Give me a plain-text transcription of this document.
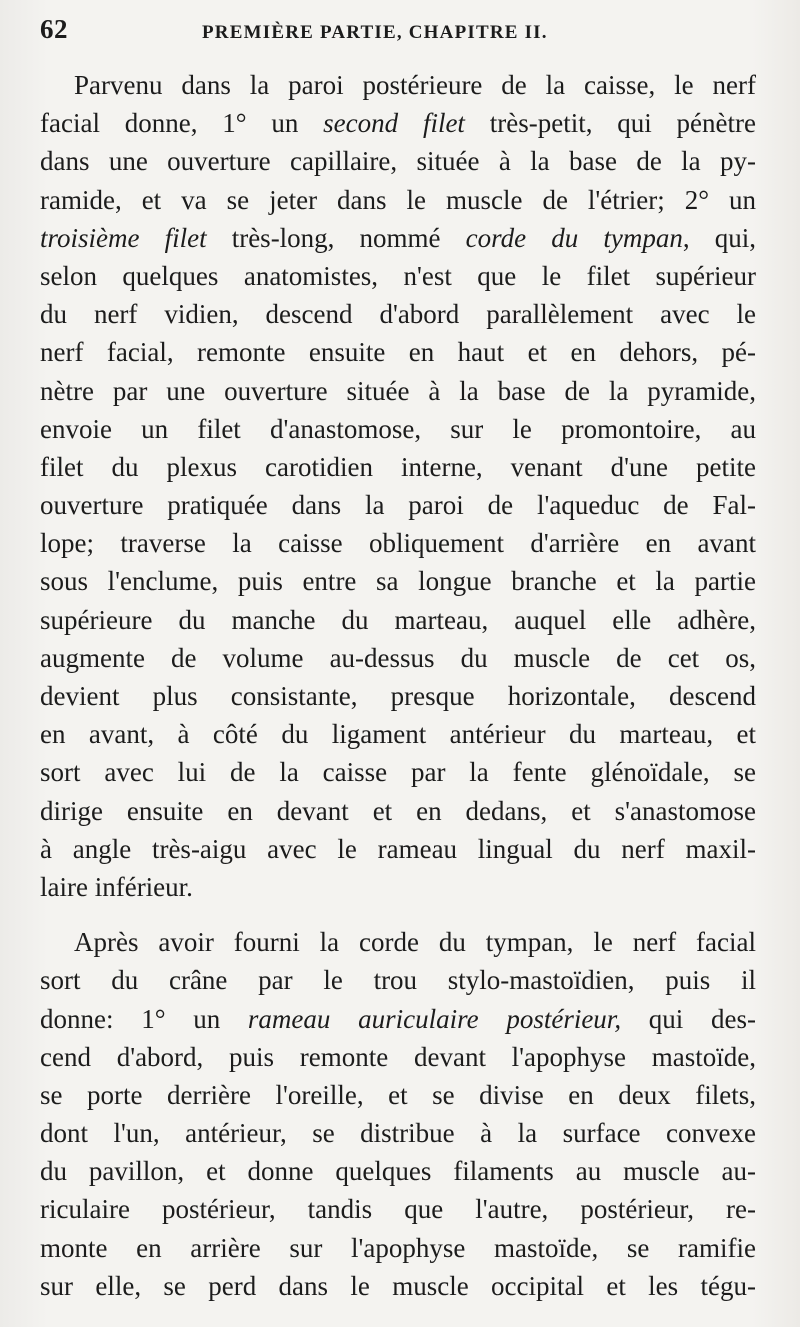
62	PREMIÈRE PARTIE, CHAPITRE II.
Parvenu dans la paroi postérieure de la caisse, le nerf
facial donne, 1° un second filet très-petit, qui pénètre
dans une ouverture capillaire, située à la base de la py-
ramide, et va se jeter dans le muscle de l'étrier; 2° un
troisième filet très-long, nommé corde du tympan, qui,
selon quelques anatomistes, n'est que le filet supérieur
du nerf vidien, descend d'abord parallèlement avec le
nerf facial, remonte ensuite en haut et en dehors, pé-
nètre par une ouverture située à la base de la pyramide,
envoie un filet d'anastomose, sur le promontoire, au
filet du plexus carotidien interne, venant d'une petite
ouverture pratiquée dans la paroi de l'aqueduc de Fal-
lope; traverse la caisse obliquement d'arrière en avant
sous l'enclume, puis entre sa longue branche et la partie
supérieure du manche du marteau, auquel elle adhère,
augmente de volume au-dessus du muscle de cet os,
devient plus consistante, presque horizontale, descend
en avant, à côté du ligament antérieur du marteau, et
sort avec lui de la caisse par la fente glénoïdale, se
dirige ensuite en devant et en dedans, et s'anastomose
à angle très-aigu avec le rameau lingual du nerf maxil-
laire inférieur.
Après avoir fourni la corde du tympan, le nerf facial
sort du crâne par le trou stylo-mastoïdien, puis il
donne: 1° un rameau auriculaire postérieur, qui des-
cend d'abord, puis remonte devant l'apophyse mastoïde,
se porte derrière l'oreille, et se divise en deux filets,
dont l'un, antérieur, se distribue à la surface convexe
du pavillon, et donne quelques filaments au muscle au-
riculaire postérieur, tandis que l'autre, postérieur, re-
monte en arrière sur l'apophyse mastoïde, se ramifie
sur elle, se perd dans le muscle occipital et les tégu-
